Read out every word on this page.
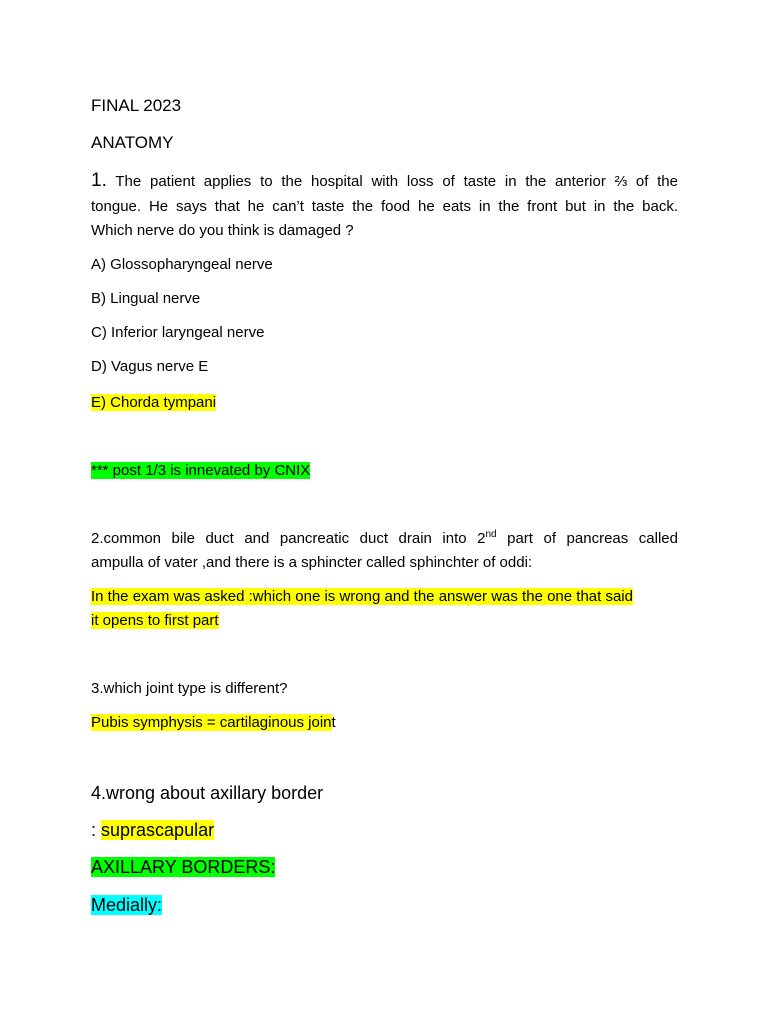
FINAL 2023
ANATOMY
1. The patient applies to the hospital with loss of taste in the anterior ⅔ of the
tongue. He says that he can’t taste the food he eats in the front but in the back.
Which nerve do you think is damaged ?
A) Glossopharyngeal nerve
B) Lingual nerve
C) Inferior laryngeal nerve
D) Vagus nerve E
E) Chorda tympani
*** post 1/3 is innevated by CNIX
2.common bile duct and pancreatic duct drain into 2nd part of pancreas called
ampulla of vater ,and there is a sphincter called sphinchter of oddi:
In the exam was asked :which one is wrong and the answer was the one that said
it opens to first part
3.which joint type is different?
Pubis symphysis = cartilaginous joint
4.wrong about axillary border
: suprascapular
AXILLARY BORDERS:
Medially:
